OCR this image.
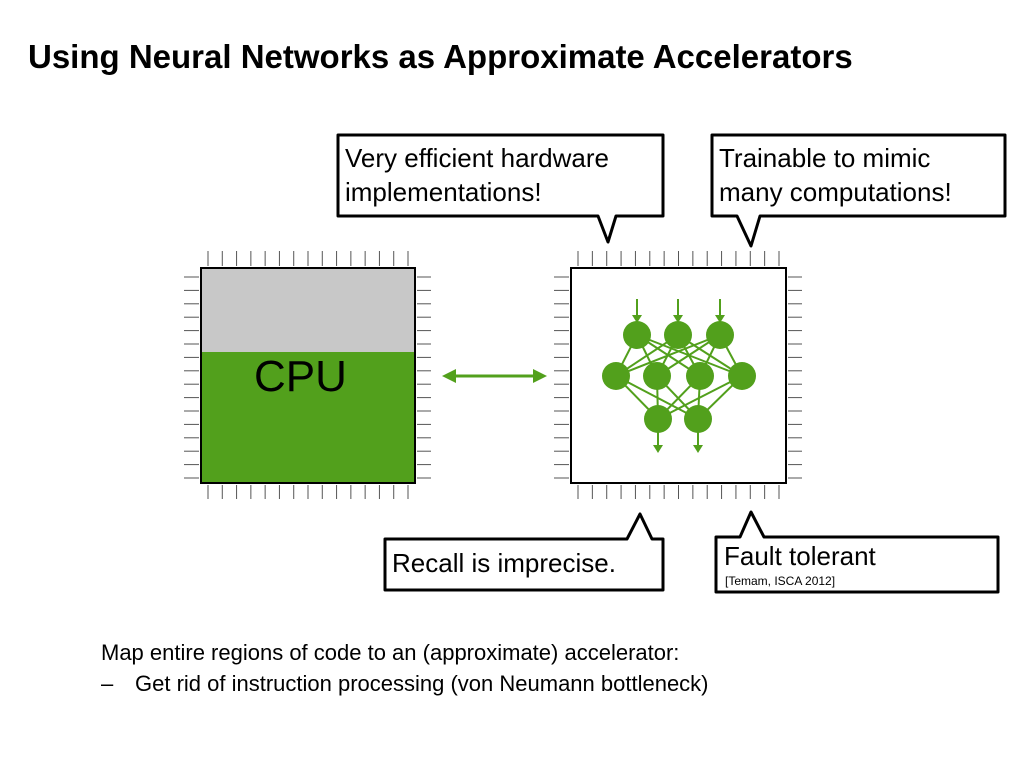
Using Neural Networks as Approximate Accelerators
CPU
Very efficient hardware
implementations!
Trainable to mimic
many computations!
Recall is imprecise.	Fault tolerant
[Temam, ISCA 2012]
Map entire regions of code to an (approximate) accelerator:
– Get rid of instruction processing (von Neumann bottleneck)
